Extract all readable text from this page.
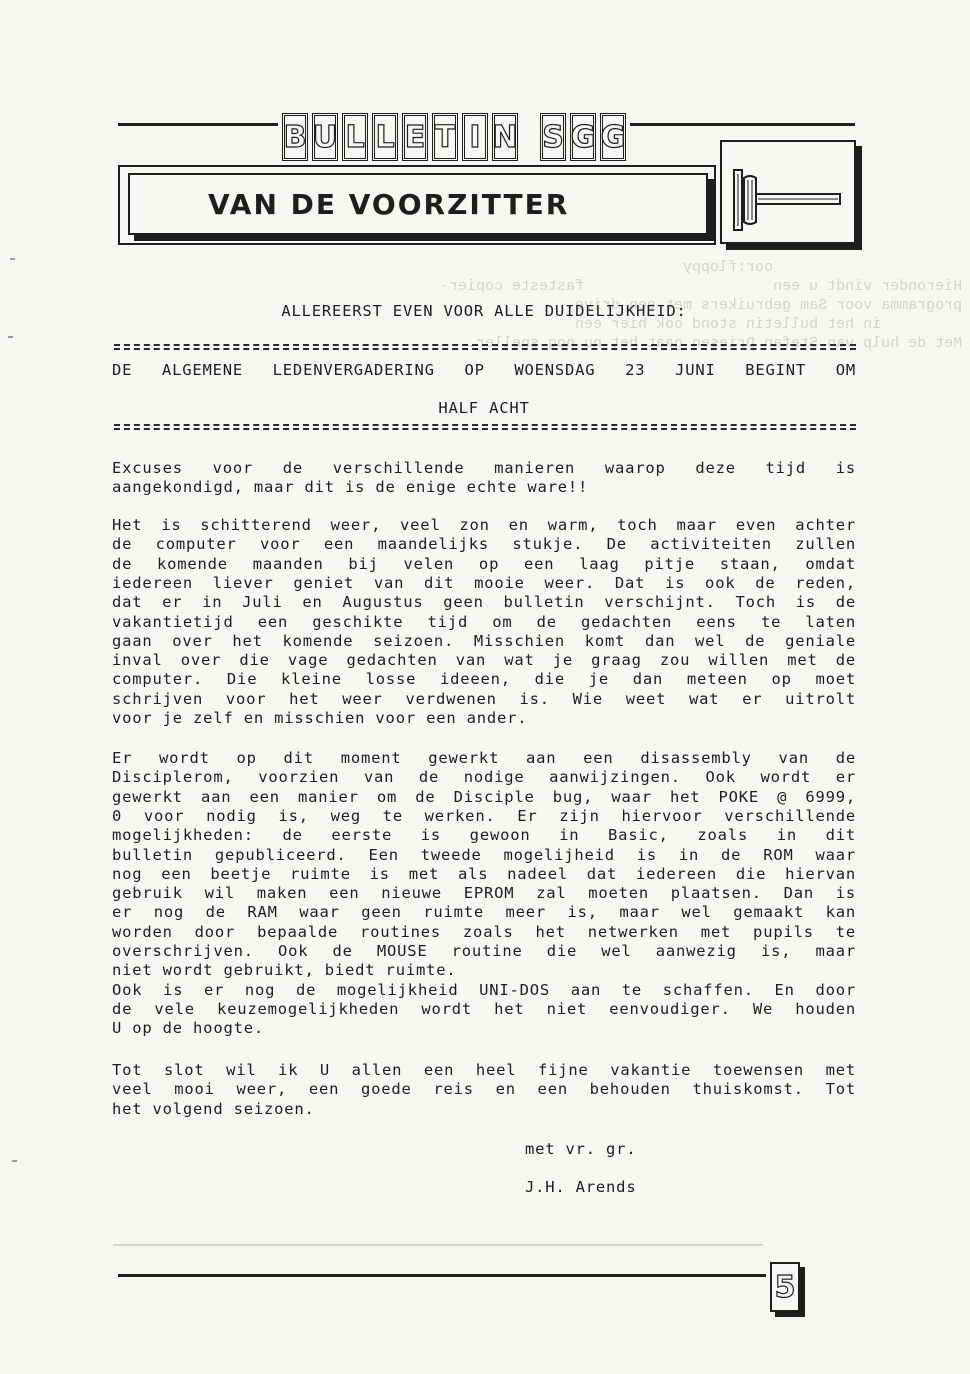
oor:floppy
Hieronder vindt u een                     fasteste copier-
programma voor Sam gebruikers met een drive.
in het bulletin stond ook hier een
Met de hulp van Stefan Driesen gaat het nu nog sneller.
B U L L E T I N S G G
VAN DE VOORZITTER
ALLEREERST EVEN VOOR ALLE DUIDELIJKHEID:
DE ALGEMENE LEDENVERGADERING OP WOENSDAG 23 JUNI BEGINT OM
HALF ACHT
Excuses voor de verschillende manieren waarop deze tijd is
aangekondigd, maar dit is de enige echte ware!!
Het is schitterend weer, veel zon en warm, toch maar even achter
de computer voor een maandelijks stukje. De activiteiten zullen
de komende maanden bij velen op een laag pitje staan, omdat
iedereen liever geniet van dit mooie weer. Dat is ook de reden,
dat er in Juli en Augustus geen bulletin verschijnt. Toch is de
vakantietijd een geschikte tijd om de gedachten eens te laten
gaan over het komende seizoen. Misschien komt dan wel de geniale
inval over die vage gedachten van wat je graag zou willen met de
computer. Die kleine losse ideeen, die je dan meteen op moet
schrijven voor het weer verdwenen is. Wie weet wat er uitrolt
voor je zelf en misschien voor een ander.
Er wordt op dit moment gewerkt aan een disassembly van de
Disciplerom, voorzien van de nodige aanwijzingen. Ook wordt er
gewerkt aan een manier om de Disciple bug, waar het POKE @ 6999,
0 voor nodig is, weg te werken. Er zijn hiervoor verschillende
mogelijkheden: de eerste is gewoon in Basic, zoals in dit
bulletin gepubliceerd. Een tweede mogelijheid is in de ROM waar
nog een beetje ruimte is met als nadeel dat iedereen die hiervan
gebruik wil maken een nieuwe EPROM zal moeten plaatsen. Dan is
er nog de RAM waar geen ruimte meer is, maar wel gemaakt kan
worden door bepaalde routines zoals het netwerken met pupils te
overschrijven. Ook de MOUSE routine die wel aanwezig is, maar
niet wordt gebruikt, biedt ruimte.
Ook is er nog de mogelijkheid UNI-DOS aan te schaffen. En door
de vele keuzemogelijkheden wordt het niet eenvoudiger. We houden
U op de hoogte.
Tot slot wil ik U allen een heel fijne vakantie toewensen met
veel mooi weer, een goede reis en een behouden thuiskomst. Tot
het volgend seizoen.
met vr. gr.
J.H. Arends
5
